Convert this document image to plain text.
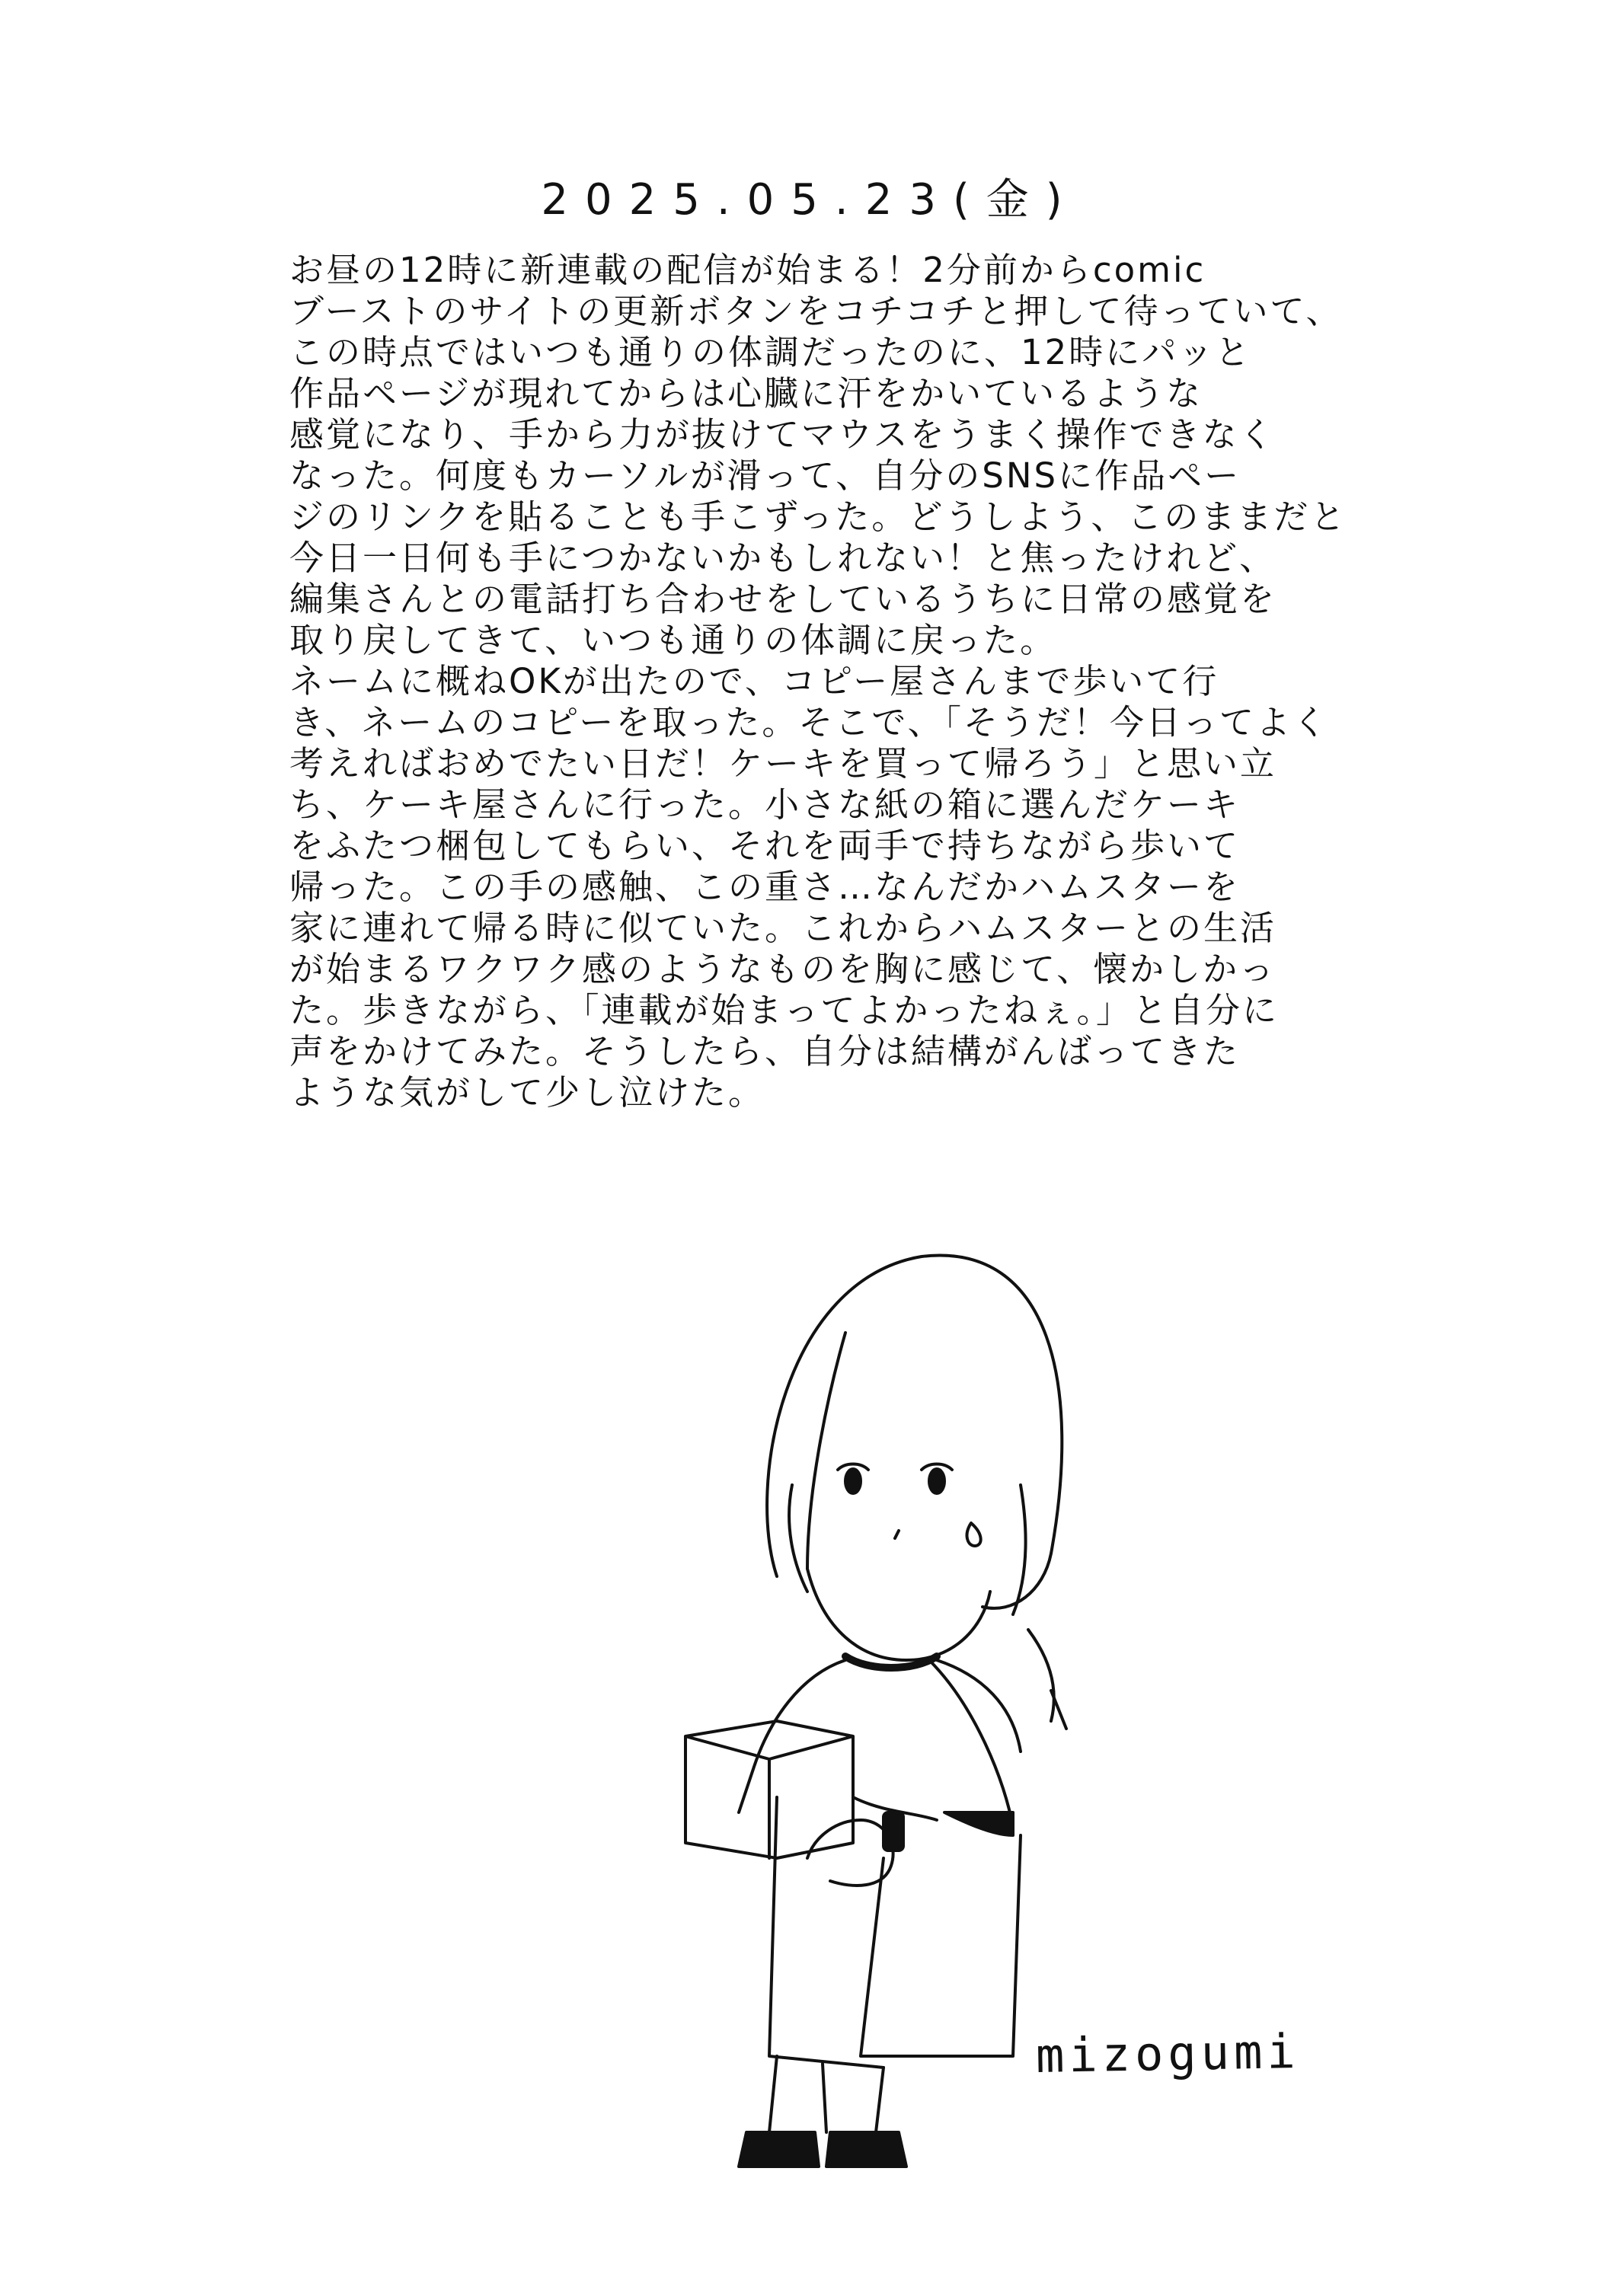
2025.05.23(金)
お昼の12時に新連載の配信が始まる！2分前からcomic
ブーストのサイトの更新ボタンをコチコチと押して待っていて、
この時点ではいつも通りの体調だったのに、12時にパッと
作品ページが現れてからは心臓に汗をかいているような
感覚になり、手から力が抜けてマウスをうまく操作できなく
なった。何度もカーソルが滑って、自分のSNSに作品ペー
ジのリンクを貼ることも手こずった。どうしよう、このままだと
今日一日何も手につかないかもしれない！と焦ったけれど、
編集さんとの電話打ち合わせをしているうちに日常の感覚を
取り戻してきて、いつも通りの体調に戻った。
ネームに概ねOKが出たので、コピー屋さんまで歩いて行
き、ネームのコピーを取った。そこで、「そうだ！今日ってよく
考えればおめでたい日だ！ケーキを買って帰ろう」と思い立
ち、ケーキ屋さんに行った。小さな紙の箱に選んだケーキ
をふたつ梱包してもらい、それを両手で持ちながら歩いて
帰った。この手の感触、この重さ…なんだかハムスターを
家に連れて帰る時に似ていた。これからハムスターとの生活
が始まるワクワク感のようなものを胸に感じて、懐かしかっ
た。歩きながら、「連載が始まってよかったねぇ。」と自分に
声をかけてみた。そうしたら、自分は結構がんばってきた
ような気がして少し泣けた。
mizogumi
